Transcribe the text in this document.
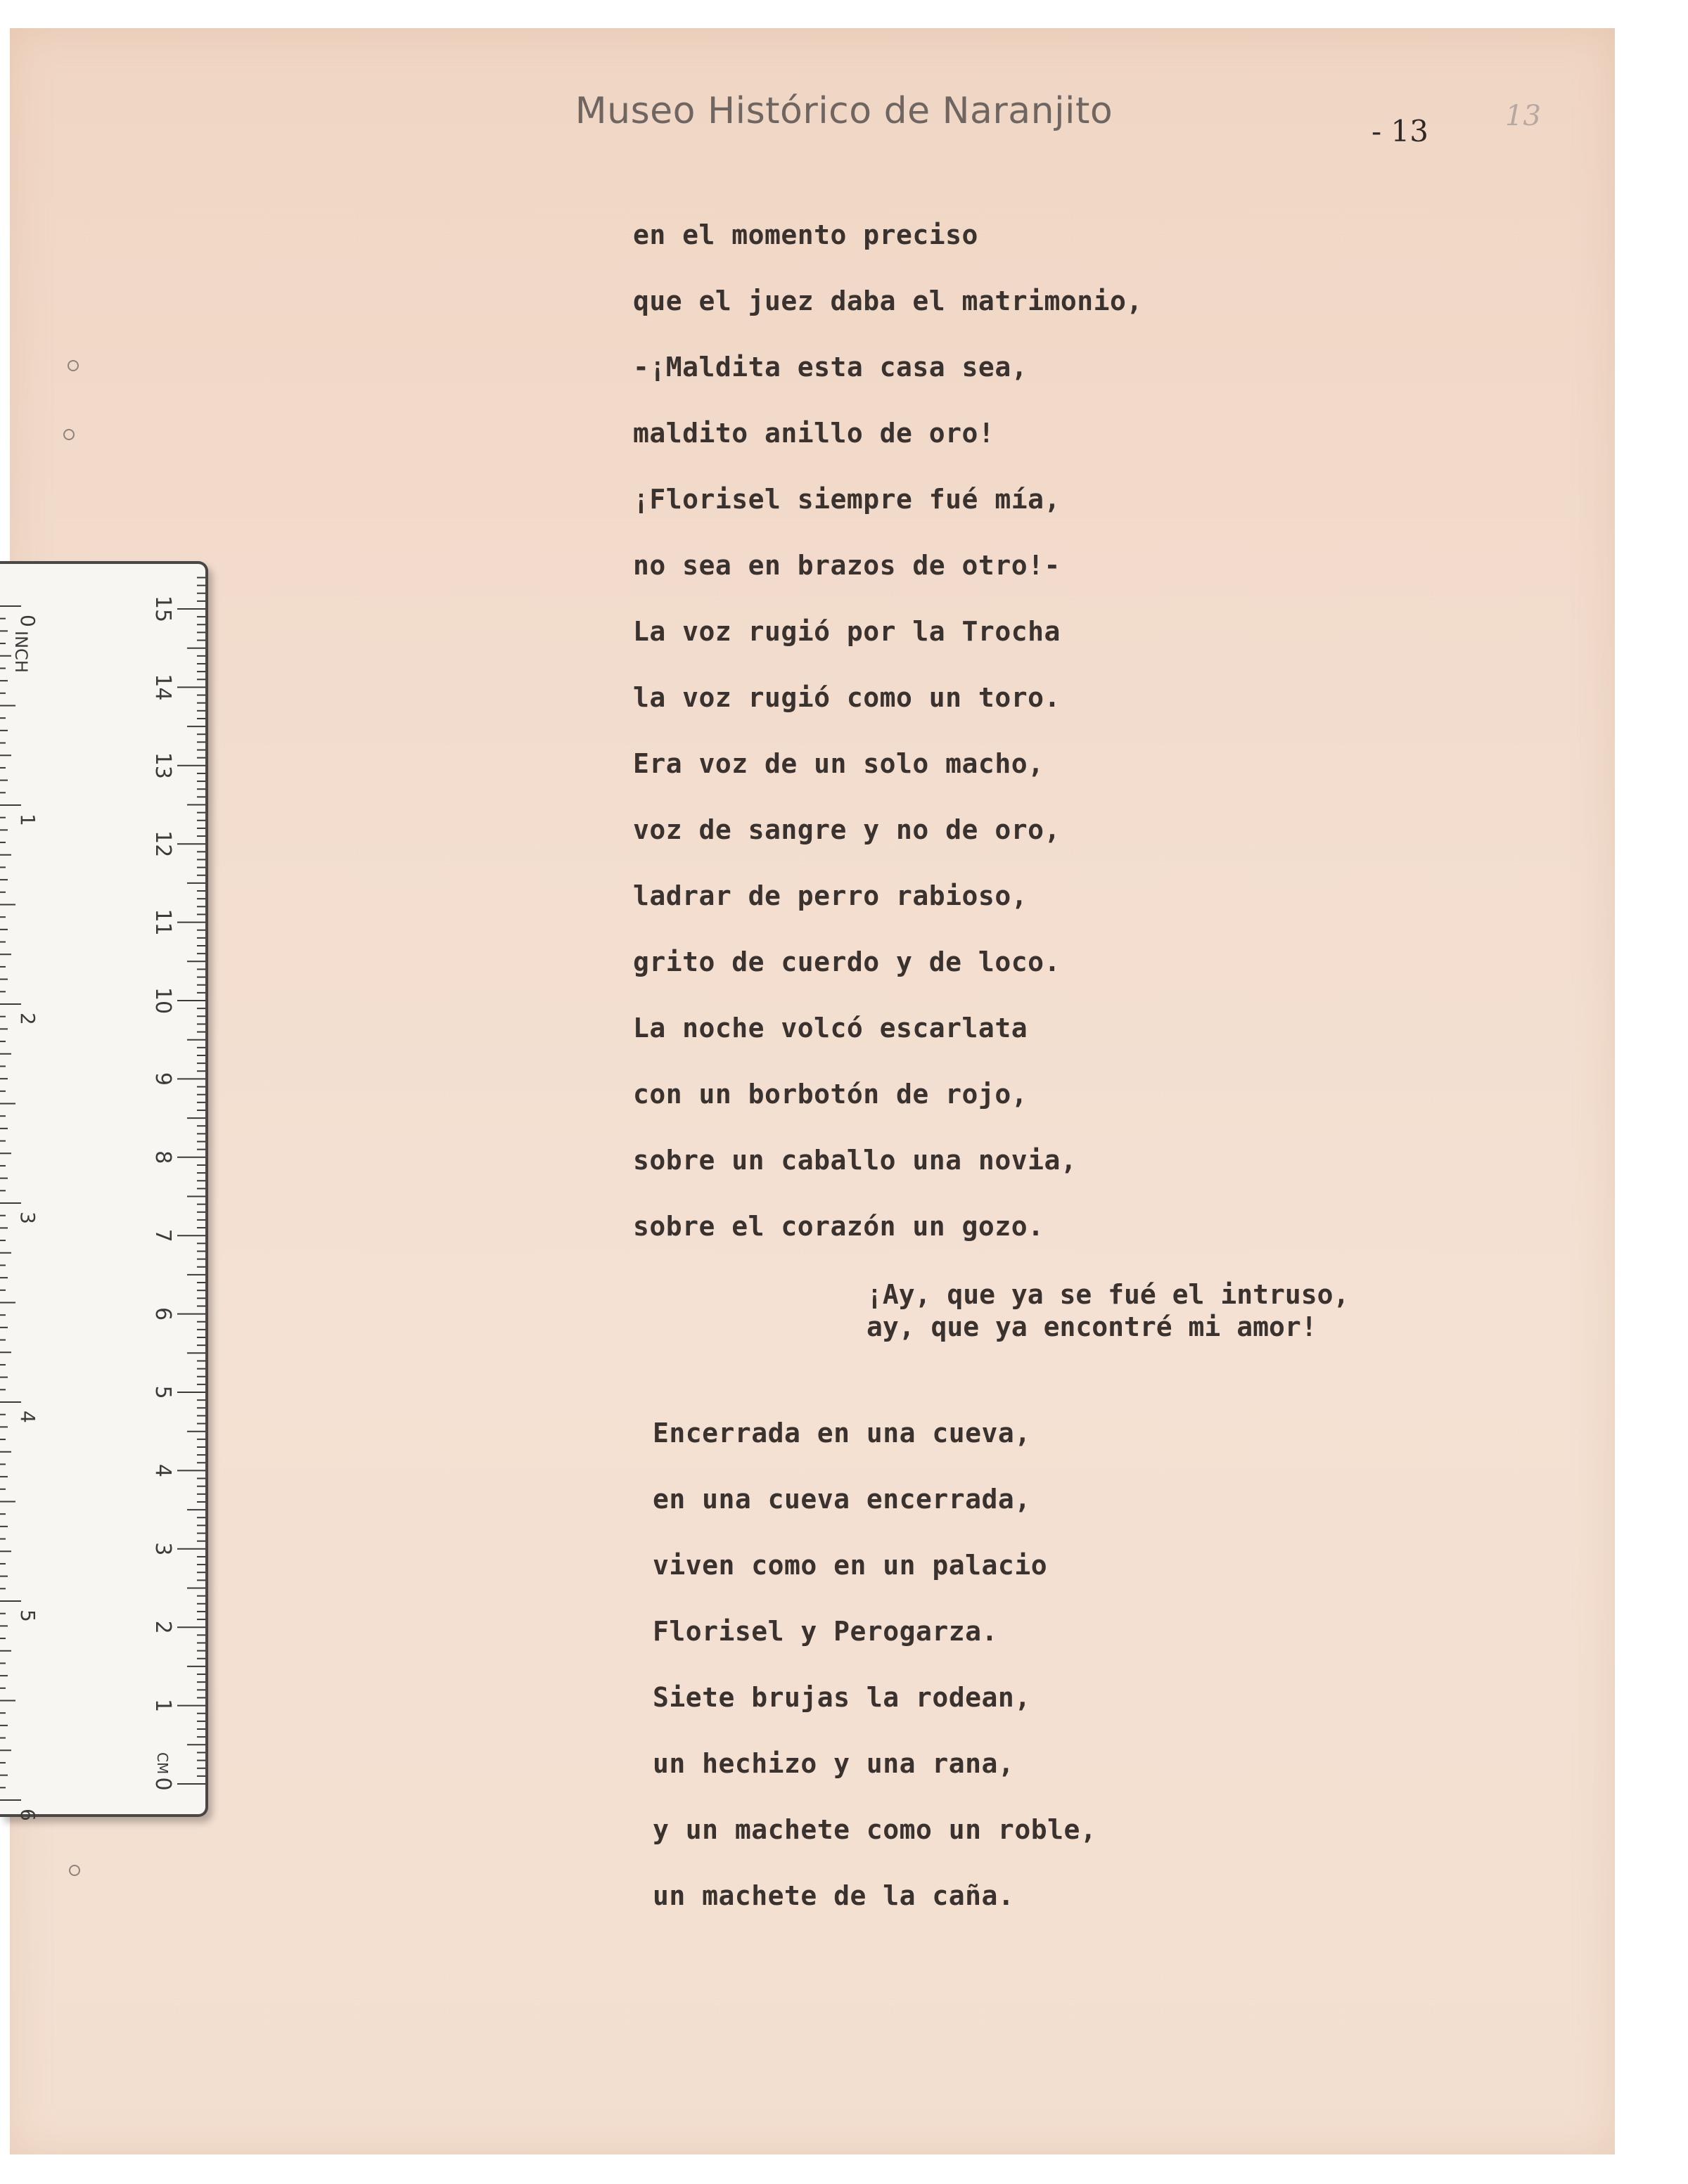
Museo Histórico de Naranjito	- 13	13
en el momento preciso
que el juez daba el matrimonio,
-¡Maldita esta casa sea,
maldito anillo de oro!
¡Florisel siempre fué mía,
no sea en brazos de otro!-
La voz rugió por la Trocha
la voz rugió como un toro.
Era voz de un solo macho,
voz de sangre y no de oro,
ladrar de perro rabioso,
grito de cuerdo y de loco.
La noche volcó escarlata
con un borbotón de rojo,
sobre un caballo una novia,
sobre el corazón un gozo.
¡Ay, que ya se fué el intruso,
ay, que ya encontré mi amor!
Encerrada en una cueva,
en una cueva encerrada,
viven como en un palacio
Florisel y Perogarza.
Siete brujas la rodean,
un hechizo y una rana,
y un machete como un roble,
un machete de la caña.
0
1
2
3
4
5
6
INCH
0
1
2
3
4
5
6
7
8
9
10
11
12
13
14
15
CM
